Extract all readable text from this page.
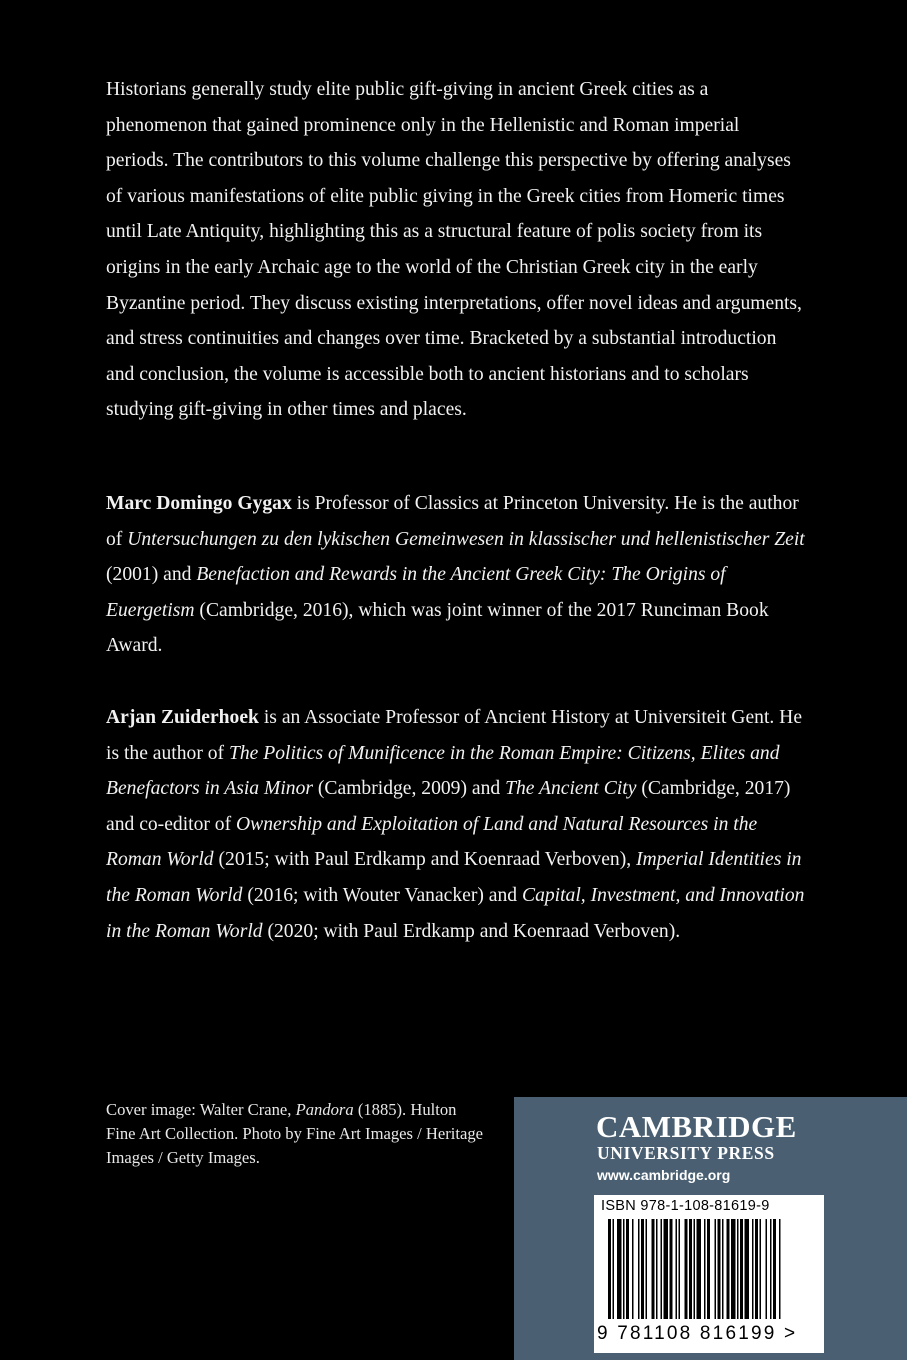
Historians generally study elite public gift-giving in ancient Greek cities as a phenomenon that gained prominence only in the Hellenistic and Roman imperial periods. The contributors to this volume challenge this perspective by offering analyses of various manifestations of elite public giving in the Greek cities from Homeric times until Late Antiquity, highlighting this as a structural feature of polis society from its origins in the early Archaic age to the world of the Christian Greek city in the early Byzantine period. They discuss existing interpretations, offer novel ideas and arguments, and stress continuities and changes over time. Bracketed by a substantial introduction and conclusion, the volume is accessible both to ancient historians and to scholars studying gift-giving in other times and places.

Marc Domingo Gygax is Professor of Classics at Princeton University. He is the author of Untersuchungen zu den lykischen Gemeinwesen in klassischer und hellenistischer Zeit (2001) and Benefaction and Rewards in the Ancient Greek City: The Origins of Euergetism (Cambridge, 2016), which was joint winner of the 2017 Runciman Book Award.

Arjan Zuiderhoek is an Associate Professor of Ancient History at Universiteit Gent. He is the author of The Politics of Munificence in the Roman Empire: Citizens, Elites and Benefactors in Asia Minor (Cambridge, 2009) and The Ancient City (Cambridge, 2017) and co-editor of Ownership and Exploitation of Land and Natural Resources in the Roman World (2015; with Paul Erdkamp and Koenraad Verboven), Imperial Identities in the Roman World (2016; with Wouter Vanacker) and Capital, Investment, and Innovation in the Roman World (2020; with Paul Erdkamp and Koenraad Verboven).

Cover image: Walter Crane, Pandora (1885). Hulton Fine Art Collection. Photo by Fine Art Images / Heritage Images / Getty Images.

CAMBRIDGE
UNIVERSITY PRESS
www.cambridge.org
ISBN 978-1-108-81619-9
9 781108 816199 >
